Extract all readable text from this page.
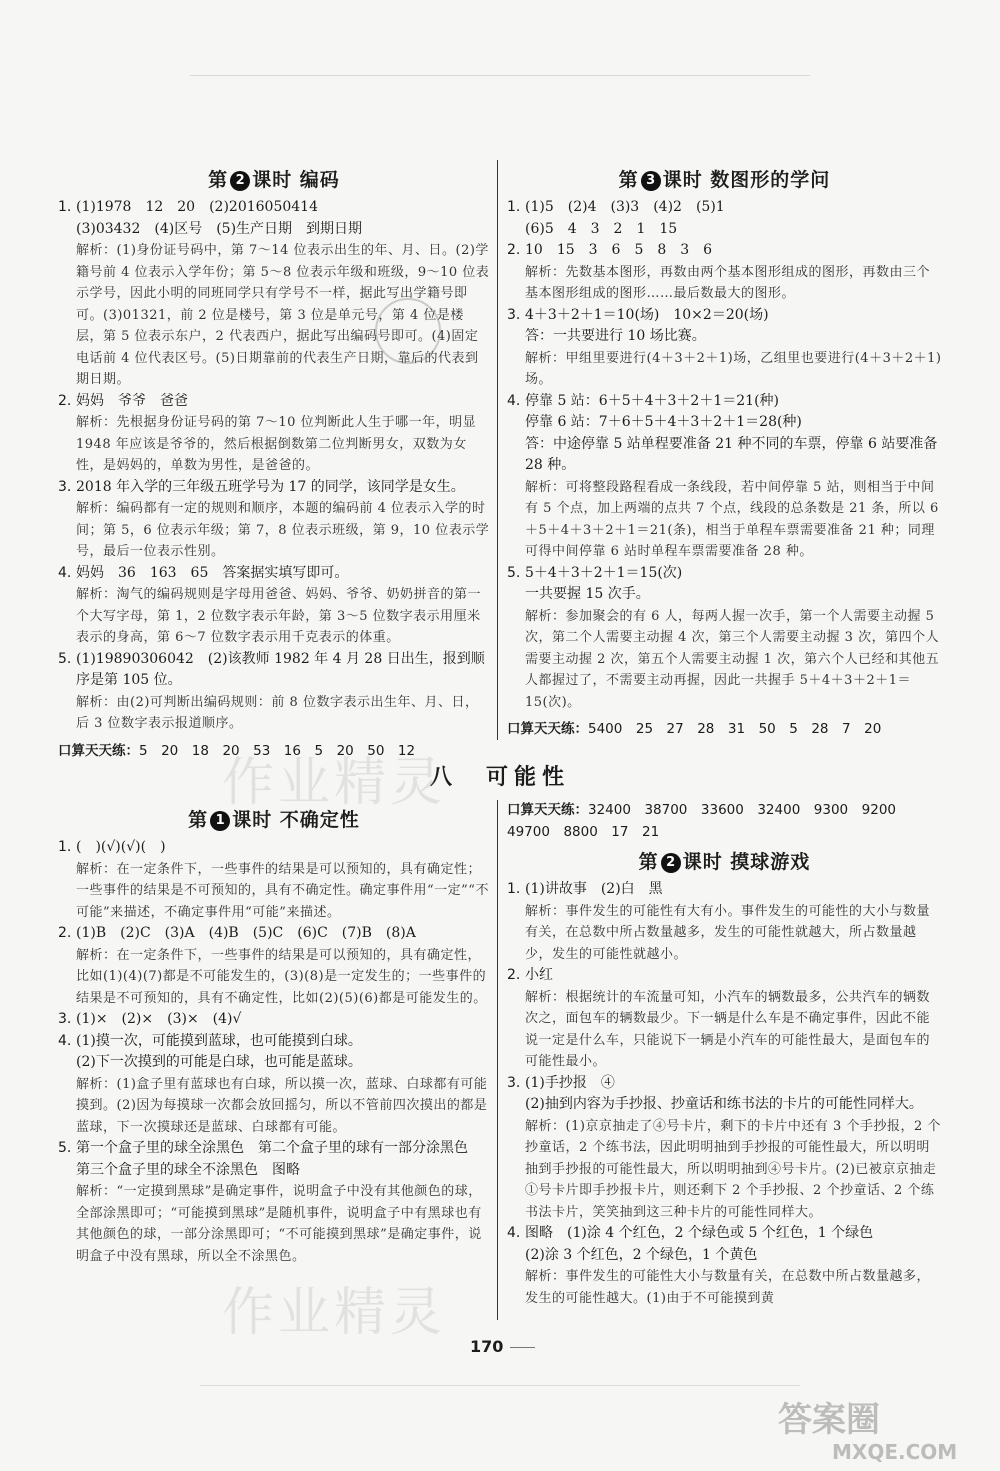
第 2 课时 编码
1. (1)1978　12　20　(2)2016050414
(3)03432　(4)区号　(5)生产日期　到期日期
解析：(1)身份证号码中，第 7～14 位表示出生的年、月、日。(2)学籍号前 4 位表示入学年份；第 5～8 位表示年级和班级，9～10 位表示学号，因此小明的同班同学只有学号不一样，据此写出学籍号即可。(3)01321，前 2 位是楼号，第 3 位是单元号，第 4 位是楼层，第 5 位表示东户，2 代表西户，据此写出编码号即可。(4)固定电话前 4 位代表区号。(5)日期靠前的代表生产日期，靠后的代表到期日期。
2. 妈妈　爷爷　爸爸
解析：先根据身份证号码的第 7～10 位判断此人生于哪一年，明显 1948 年应该是爷爷的，然后根据倒数第二位判断男女，双数为女性，是妈妈的，单数为男性，是爸爸的。
3. 2018 年入学的三年级五班学号为 17 的同学，该同学是女生。
解析：编码都有一定的规则和顺序，本题的编码前 4 位表示入学的时间；第 5，6 位表示年级；第 7，8 位表示班级，第 9，10 位表示学号，最后一位表示性别。
4. 妈妈　36　163　65　答案据实填写即可。
解析：淘气的编码规则是字母用爸爸、妈妈、爷爷、奶奶拼音的第一个大写字母，第 1，2 位数字表示年龄，第 3～5 位数字表示用厘米表示的身高，第 6～7 位数字表示用千克表示的体重。
5. (1)19890306042　(2)该教师 1982 年 4 月 28 日出生，报到顺序是第 105 位。
解析：由(2)可判断出编码规则：前 8 位数字表示出生年、月、日，后 3 位数字表示报道顺序。
口算天天练：5　20　18　20　53　16　5　20　50　12
第 3 课时 数图形的学问
1. (1)5　(2)4　(3)3　(4)2　(5)1
(6)5　4　3　2　1　15
2. 10　15　3　6　5　8　3　6
解析：先数基本图形，再数由两个基本图形组成的图形，再数由三个基本图形组成的图形……最后数最大的图形。
3. 4＋3＋2＋1＝10(场)　10×2＝20(场)
答：一共要进行 10 场比赛。
解析：甲组里要进行(4＋3＋2＋1)场，乙组里也要进行(4＋3＋2＋1)场。
4. 停靠 5 站：6＋5＋4＋3＋2＋1＝21(种)
停靠 6 站：7＋6＋5＋4＋3＋2＋1＝28(种)
答：中途停靠 5 站单程要准备 21 种不同的车票，停靠 6 站要准备 28 种。
解析：可将整段路程看成一条线段，若中间停靠 5 站，则相当于中间有 5 个点，加上两端的点共 7 个点，线段的总条数是 21 条，所以 6＋5＋4＋3＋2＋1＝21(条)，相当于单程车票需要准备 21 种；同理可得中间停靠 6 站时单程车票需要准备 28 种。
5. 5＋4＋3＋2＋1＝15(次)
一共要握 15 次手。
解析：参加聚会的有 6 人，每两人握一次手，第一个人需要主动握 5 次，第二个人需要主动握 4 次，第三个人需要主动握 3 次，第四个人需要主动握 2 次，第五个人需要主动握 1 次，第六个人已经和其他五人都握过了，不需要主动再握，因此一共握手 5＋4＋3＋2＋1＝15(次)。
口算天天练：5400　25　27　28　31　50　5　28　7　20
八　可能性
第 1 课时 不确定性
1. (　)(√)(√)(　)
解析：在一定条件下，一些事件的结果是可以预知的，具有确定性；一些事件的结果是不可预知的，具有不确定性。确定事件用“一定”“不可能”来描述，不确定事件用“可能”来描述。
2. (1)B　(2)C　(3)A　(4)B　(5)C　(6)C　(7)B　(8)A
解析：在一定条件下，一些事件的结果是可以预知的，具有确定性，比如(1)(4)(7)都是不可能发生的，(3)(8)是一定发生的；一些事件的结果是不可预知的，具有不确定性，比如(2)(5)(6)都是可能发生的。
3. (1)×　(2)×　(3)×　(4)√
4. (1)摸一次，可能摸到蓝球，也可能摸到白球。
(2)下一次摸到的可能是白球，也可能是蓝球。
解析：(1)盒子里有蓝球也有白球，所以摸一次，蓝球、白球都有可能摸到。(2)因为每摸球一次都会放回摇匀，所以不管前四次摸出的都是蓝球，下一次摸球还是蓝球、白球都有可能。
5. 第一个盒子里的球全涂黑色　第二个盒子里的球有一部分涂黑色　第三个盒子里的球全不涂黑色　图略
解析：“一定摸到黑球”是确定事件，说明盒子中没有其他颜色的球，全部涂黑即可；“可能摸到黑球”是随机事件，说明盒子中有黑球也有其他颜色的球，一部分涂黑即可；“不可能摸到黑球”是确定事件，说明盒子中没有黑球，所以全不涂黑色。
口算天天练：32400　38700　33600　32400　9300　9200　49700　8800　17　21
第 2 课时 摸球游戏
1. (1)讲故事　(2)白　黑
解析：事件发生的可能性有大有小。事件发生的可能性的大小与数量有关，在总数中所占数量越多，发生的可能性就越大，所占数量越少，发生的可能性就越小。
2. 小红
解析：根据统计的车流量可知，小汽车的辆数最多，公共汽车的辆数次之，面包车的辆数最少。下一辆是什么车是不确定事件，因此不能说一定是什么车，只能说下一辆是小汽车的可能性最大，是面包车的可能性最小。
3. (1)手抄报　④
(2)抽到内容为手抄报、抄童话和练书法的卡片的可能性同样大。
解析：(1)京京抽走了④号卡片，剩下的卡片中还有 3 个手抄报，2 个抄童话，2 个练书法，因此明明抽到手抄报的可能性最大，所以明明抽到手抄报的可能性最大，所以明明抽到④号卡片。(2)已被京京抽走①号卡片即手抄报卡片，则还剩下 2 个手抄报、2 个抄童话、2 个练书法卡片，笑笑抽到这三种卡片的可能性同样大。
4. 图略　(1)涂 4 个红色，2 个绿色或 5 个红色，1 个绿色
(2)涂 3 个红色，2 个绿色，1 个黄色
解析：事件发生的可能性大小与数量有关，在总数中所占数量越多，发生的可能性越大。(1)由于不可能摸到黄
作业精灵
作业精灵
170
答案圈
MXQE.COM
